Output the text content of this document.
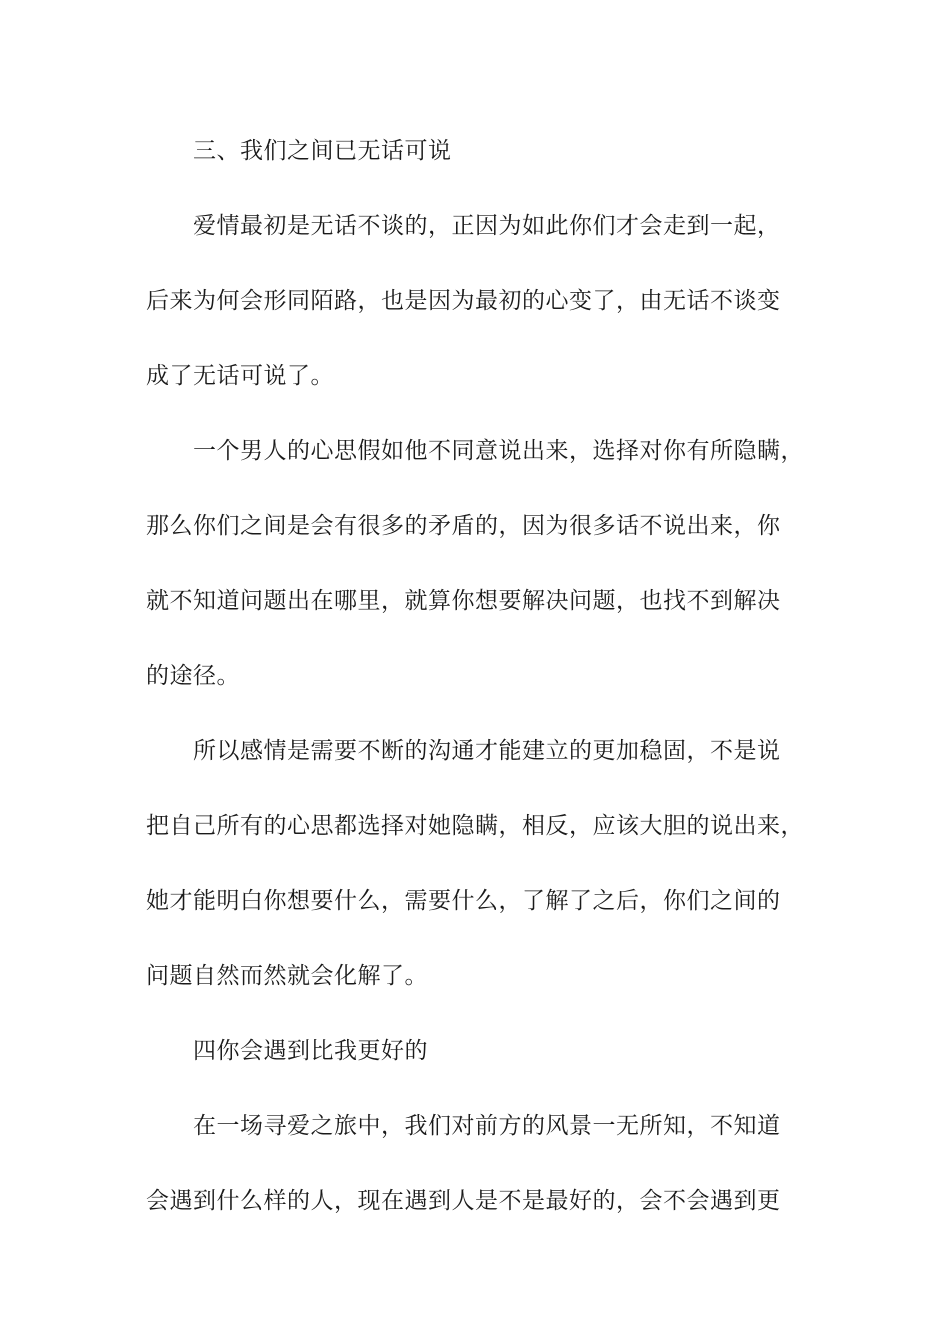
三、我们之间已无话可说
爱情最初是无话不谈的，正因为如此你们才会走到一起，
后来为何会形同陌路，也是因为最初的心变了，由无话不谈变
成了无话可说了。
一个男人的心思假如他不同意说出来，选择对你有所隐瞒，
那么你们之间是会有很多的矛盾的，因为很多话不说出来，你
就不知道问题出在哪里，就算你想要解决问题，也找不到解决
的途径。
所以感情是需要不断的沟通才能建立的更加稳固，不是说
把自己所有的心思都选择对她隐瞒，相反，应该大胆的说出来，
她才能明白你想要什么，需要什么，了解了之后，你们之间的
问题自然而然就会化解了。
四你会遇到比我更好的
在一场寻爱之旅中，我们对前方的风景一无所知，不知道
会遇到什么样的人，现在遇到人是不是最好的，会不会遇到更
